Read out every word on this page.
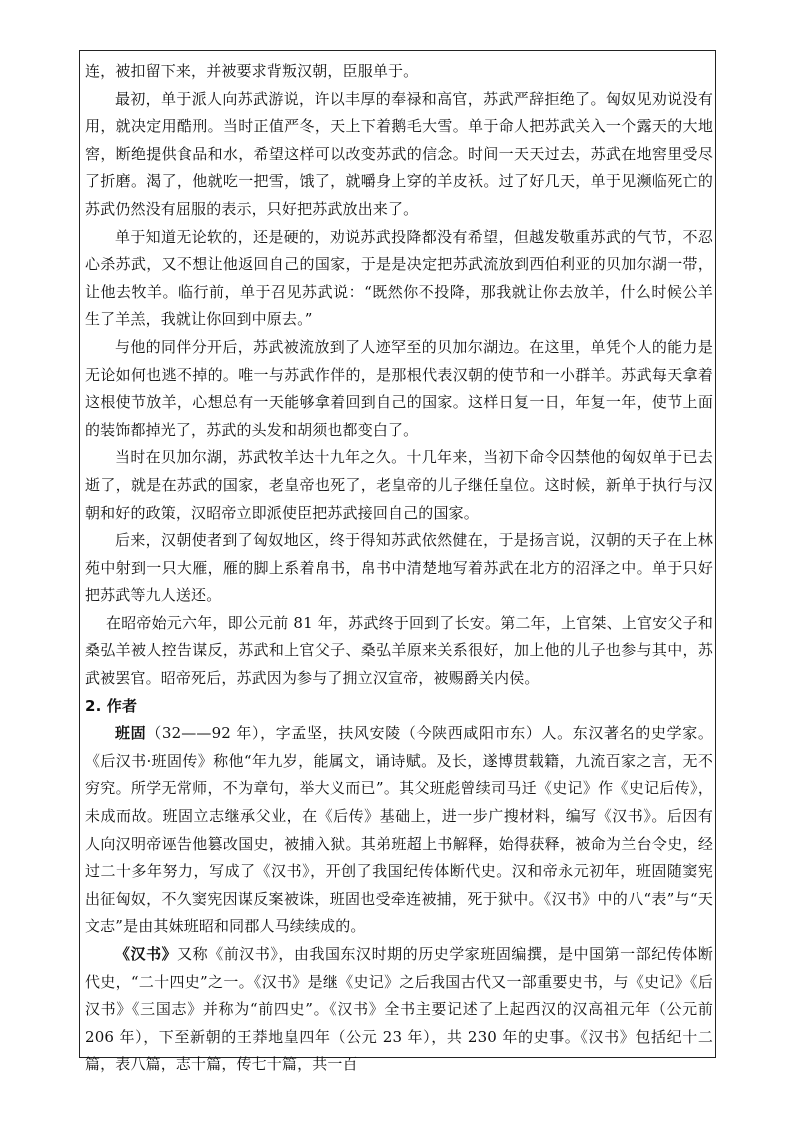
连，被扣留下来，并被要求背叛汉朝，臣服单于。

最初，单于派人向苏武游说，许以丰厚的奉禄和高官，苏武严辞拒绝了。匈奴见劝说没有用，就决定用酷刑。当时正值严冬，天上下着鹅毛大雪。单于命人把苏武关入一个露天的大地窖，断绝提供食品和水，希望这样可以改变苏武的信念。时间一天天过去，苏武在地窖里受尽了折磨。渴了，他就吃一把雪，饿了，就嚼身上穿的羊皮袄。过了好几天，单于见濒临死亡的苏武仍然没有屈服的表示，只好把苏武放出来了。

单于知道无论软的，还是硬的，劝说苏武投降都没有希望，但越发敬重苏武的气节，不忍心杀苏武，又不想让他返回自己的国家，于是是决定把苏武流放到西伯利亚的贝加尔湖一带，让他去牧羊。临行前，单于召见苏武说：“既然你不投降，那我就让你去放羊，什么时候公羊生了羊羔，我就让你回到中原去。”

与他的同伴分开后，苏武被流放到了人迹罕至的贝加尔湖边。在这里，单凭个人的能力是无论如何也逃不掉的。唯一与苏武作伴的，是那根代表汉朝的使节和一小群羊。苏武每天拿着这根使节放羊，心想总有一天能够拿着回到自己的国家。这样日复一日，年复一年，使节上面的装饰都掉光了，苏武的头发和胡须也都变白了。

当时在贝加尔湖，苏武牧羊达十九年之久。十几年来，当初下命令囚禁他的匈奴单于已去逝了，就是在苏武的国家，老皇帝也死了，老皇帝的儿子继任皇位。这时候，新单于执行与汉朝和好的政策，汉昭帝立即派使臣把苏武接回自己的国家。

后来，汉朝使者到了匈奴地区，终于得知苏武依然健在，于是扬言说，汉朝的天子在上林苑中射到一只大雁，雁的脚上系着帛书，帛书中清楚地写着苏武在北方的沼泽之中。单于只好把苏武等九人送还。

在昭帝始元六年，即公元前 81 年，苏武终于回到了长安。第二年，上官桀、上官安父子和桑弘羊被人控告谋反，苏武和上官父子、桑弘羊原来关系很好，加上他的儿子也参与其中，苏武被罢官。昭帝死后，苏武因为参与了拥立汉宣帝，被赐爵关内侯。

2. 作者

班固（32——92 年），字孟坚，扶风安陵（今陕西咸阳市东）人。东汉著名的史学家。《后汉书·班固传》称他“年九岁，能属文，诵诗赋。及长，遂博贯载籍，九流百家之言，无不穷究。所学无常师，不为章句，举大义而已”。其父班彪曾续司马迁《史记》作《史记后传》，未成而故。班固立志继承父业，在《后传》基础上，进一步广搜材料，编写《汉书》。后因有人向汉明帝诬告他篡改国史，被捕入狱。其弟班超上书解释，始得获释，被命为兰台令史，经过二十多年努力，写成了《汉书》，开创了我国纪传体断代史。汉和帝永元初年，班固随窦宪出征匈奴，不久窦宪因谋反案被诛，班固也受牵连被捕，死于狱中。《汉书》中的八“表”与“天文志”是由其妹班昭和同郡人马续续成的。

《汉书》又称《前汉书》，由我国东汉时期的历史学家班固编撰，是中国第一部纪传体断代史，“二十四史”之一。《汉书》是继《史记》之后我国古代又一部重要史书，与《史记》《后汉书》《三国志》并称为“前四史”。《汉书》全书主要记述了上起西汉的汉高祖元年（公元前 206 年），下至新朝的王莽地皇四年（公元 23 年），共 230 年的史事。《汉书》包括纪十二篇，表八篇，志十篇，传七十篇，共一百
